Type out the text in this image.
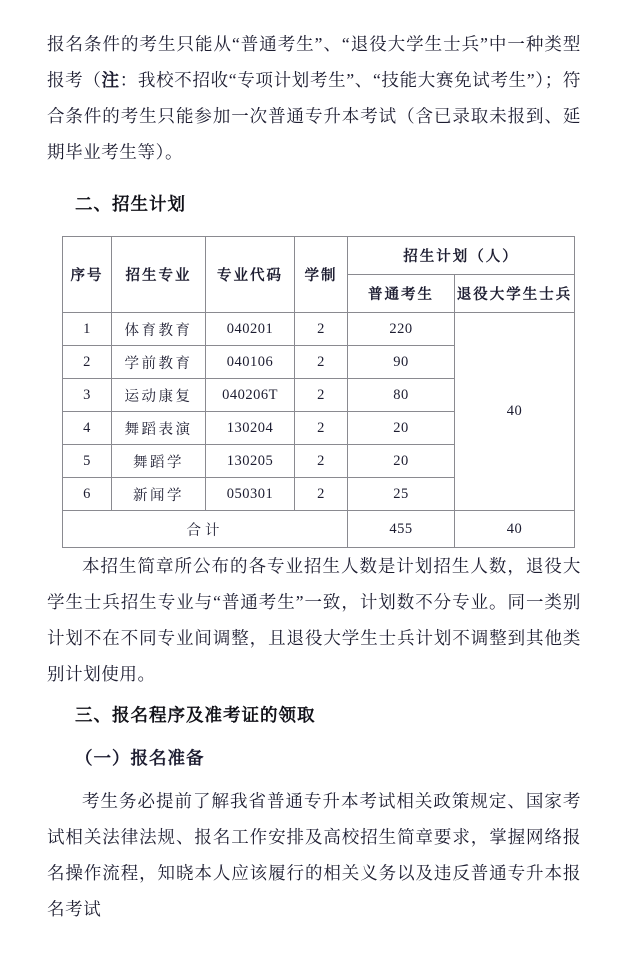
报名条件的考生只能从“普通考生”、“退役大学生士兵”中一种类型报考（注：我校不招收“专项计划考生”、“技能大赛免试考生”）；符合条件的考生只能参加一次普通专升本考试（含已录取未报到、延期毕业考生等）。

二、招生计划

序号	招生专业	专业代码	学制	招生计划（人）	
				普通考生	退役大学生士兵
1	体育教育	040201	2	220	40
2	学前教育	040106	2	90	
3	运动康复	040206T	2	80	
4	舞蹈表演	130204	2	20	
5	舞蹈学	130205	2	20	
6	新闻学	050301	2	25	
合计				455	40

本招生简章所公布的各专业招生人数是计划招生人数，退役大学生士兵招生专业与“普通考生”一致，计划数不分专业。同一类别计划不在不同专业间调整，且退役大学生士兵计划不调整到其他类别计划使用。

三、报名程序及准考证的领取

（一）报名准备

考生务必提前了解我省普通专升本考试相关政策规定、国家考试相关法律法规、报名工作安排及高校招生简章要求，掌握网络报名操作流程，知晓本人应该履行的相关义务以及违反普通专升本报名考试
